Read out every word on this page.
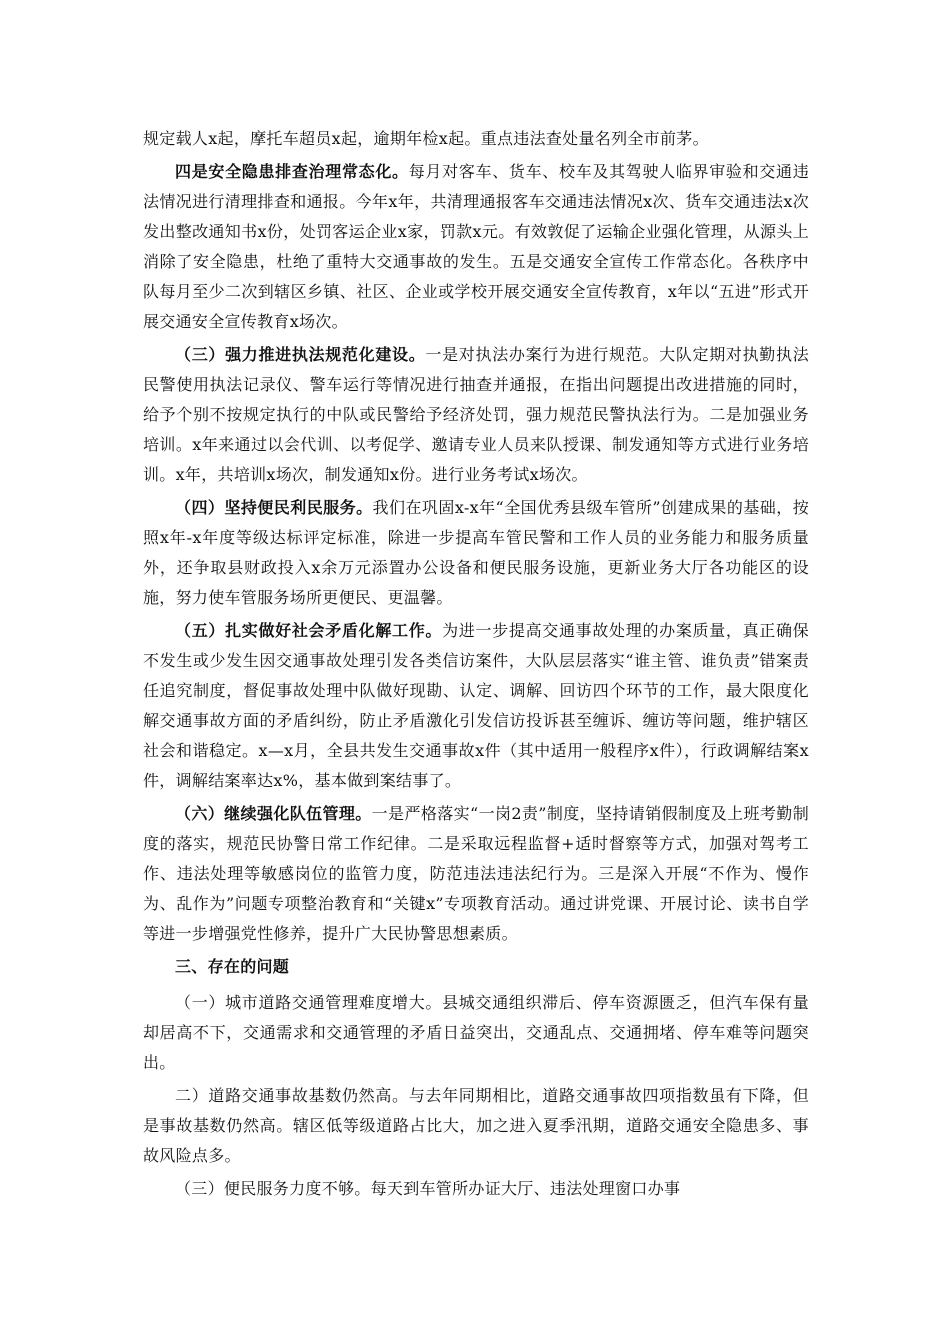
规定载人x起，摩托车超员x起，逾期年检x起。重点违法查处量名列全市前茅。

四是安全隐患排查治理常态化。每月对客车、货车、校车及其驾驶人临界审验和交通违法情况进行清理排查和通报。今年x年，共清理通报客车交通违法情况x次、货车交通违法x次发出整改通知书x份，处罚客运企业x家，罚款x元。有效敦促了运输企业强化管理，从源头上消除了安全隐患，杜绝了重特大交通事故的发生。五是交通安全宣传工作常态化。各秩序中队每月至少二次到辖区乡镇、社区、企业或学校开展交通安全宣传教育，x年以“五进”形式开展交通安全宣传教育x场次。

（三）强力推进执法规范化建设。一是对执法办案行为进行规范。大队定期对执勤执法民警使用执法记录仪、警车运行等情况进行抽查并通报，在指出问题提出改进措施的同时，给予个别不按规定执行的中队或民警给予经济处罚，强力规范民警执法行为。二是加强业务培训。x年来通过以会代训、以考促学、邀请专业人员来队授课、制发通知等方式进行业务培训。x年，共培训x场次，制发通知x份。进行业务考试x场次。

（四）坚持便民利民服务。我们在巩固x-x年“全国优秀县级车管所”创建成果的基础，按照x年-x年度等级达标评定标准，除进一步提高车管民警和工作人员的业务能力和服务质量外，还争取县财政投入x余万元添置办公设备和便民服务设施，更新业务大厅各功能区的设施，努力使车管服务场所更便民、更温馨。

（五）扎实做好社会矛盾化解工作。为进一步提高交通事故处理的办案质量，真正确保不发生或少发生因交通事故处理引发各类信访案件，大队层层落实“谁主管、谁负责”错案责任追究制度，督促事故处理中队做好现勘、认定、调解、回访四个环节的工作，最大限度化解交通事故方面的矛盾纠纷，防止矛盾激化引发信访投诉甚至缠诉、缠访等问题，维护辖区社会和谐稳定。x—x月，全县共发生交通事故x件（其中适用一般程序x件），行政调解结案x件，调解结案率达x%，基本做到案结事了。

（六）继续强化队伍管理。一是严格落实“一岗2责”制度，坚持请销假制度及上班考勤制度的落实，规范民协警日常工作纪律。二是采取远程监督+适时督察等方式，加强对驾考工作、违法处理等敏感岗位的监管力度，防范违法违法纪行为。三是深入开展“不作为、慢作为、乱作为”问题专项整治教育和“关键x”专项教育活动。通过讲党课、开展讨论、读书自学等进一步增强党性修养，提升广大民协警思想素质。

三、存在的问题

（一）城市道路交通管理难度增大。县城交通组织滞后、停车资源匮乏，但汽车保有量却居高不下，交通需求和交通管理的矛盾日益突出，交通乱点、交通拥堵、停车难等问题突出。

二）道路交通事故基数仍然高。与去年同期相比，道路交通事故四项指数虽有下降，但是事故基数仍然高。辖区低等级道路占比大，加之进入夏季汛期，道路交通安全隐患多、事故风险点多。

（三）便民服务力度不够。每天到车管所办证大厅、违法处理窗口办事
